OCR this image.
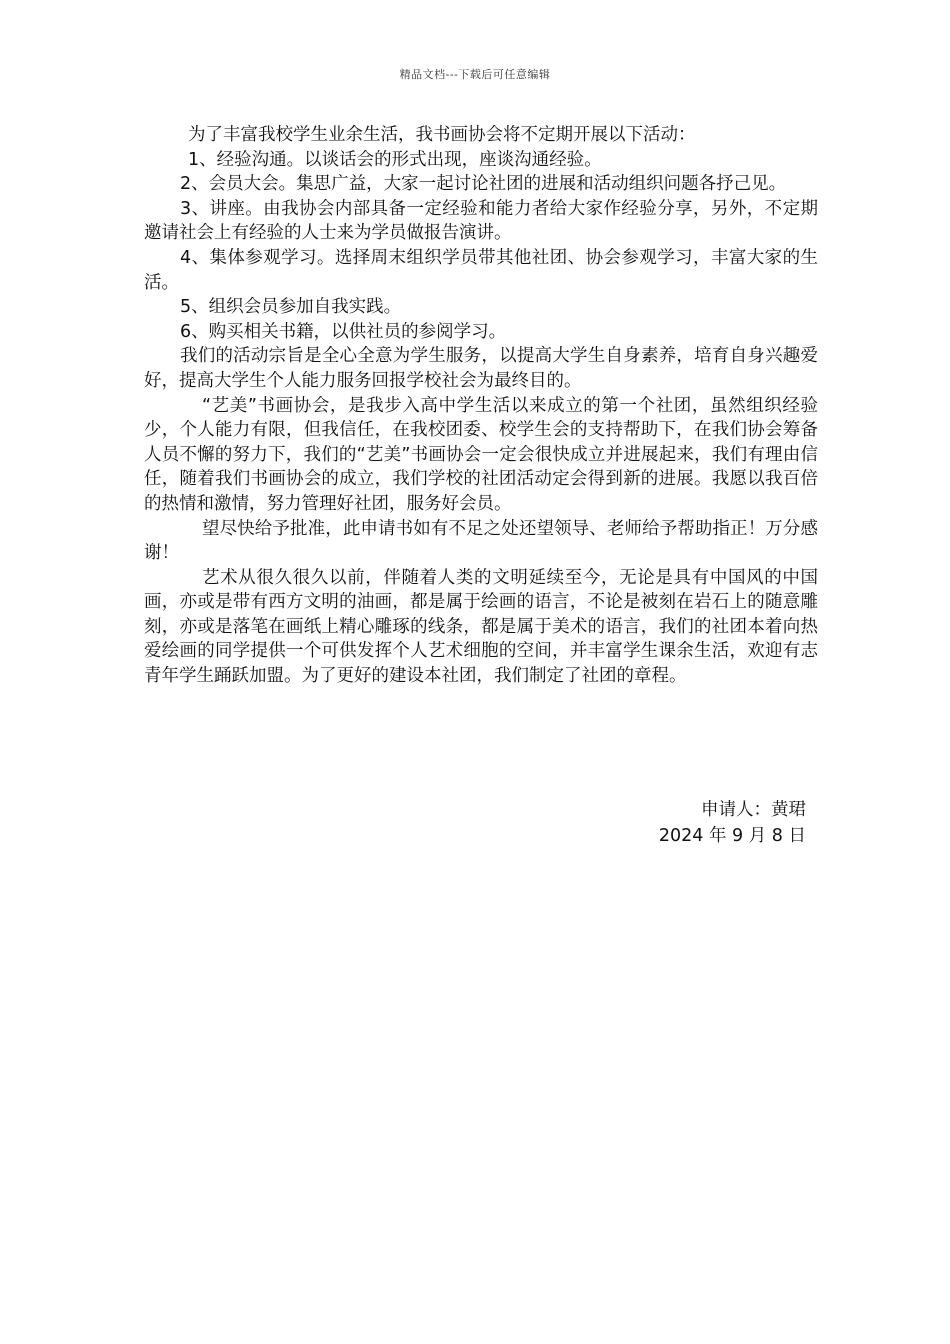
精品文档---下载后可任意编辑

为了丰富我校学生业余生活，我书画协会将不定期开展以下活动：

1、经验沟通。以谈话会的形式出现，座谈沟通经验。

2、会员大会。集思广益，大家一起讨论社团的进展和活动组织问题各抒己见。

3、讲座。由我协会内部具备一定经验和能力者给大家作经验分享，另外，不定期邀请社会上有经验的人士来为学员做报告演讲。

4、集体参观学习。选择周末组织学员带其他社团、协会参观学习，丰富大家的生活。

5、组织会员参加自我实践。

6、购买相关书籍，以供社员的参阅学习。

我们的活动宗旨是全心全意为学生服务，以提高大学生自身素养，培育自身兴趣爱好，提高大学生个人能力服务回报学校社会为最终目的。

“艺美”书画协会，是我步入高中学生活以来成立的第一个社团，虽然组织经验少，个人能力有限，但我信任，在我校团委、校学生会的支持帮助下，在我们协会筹备人员不懈的努力下，我们的“艺美”书画协会一定会很快成立并进展起来，我们有理由信任，随着我们书画协会的成立，我们学校的社团活动定会得到新的进展。我愿以我百倍的热情和激情，努力管理好社团，服务好会员。

望尽快给予批准，此申请书如有不足之处还望领导、老师给予帮助指正！万分感谢！

艺术从很久很久以前，伴随着人类的文明延续至今，无论是具有中国风的中国画，亦或是带有西方文明的油画，都是属于绘画的语言，不论是被刻在岩石上的随意雕刻，亦或是落笔在画纸上精心雕琢的线条，都是属于美术的语言，我们的社团本着向热爱绘画的同学提供一个可供发挥个人艺术细胞的空间，并丰富学生课余生活，欢迎有志青年学生踊跃加盟。为了更好的建设本社团，我们制定了社团的章程。

申请人：黄珺
2024 年 9 月 8 日
